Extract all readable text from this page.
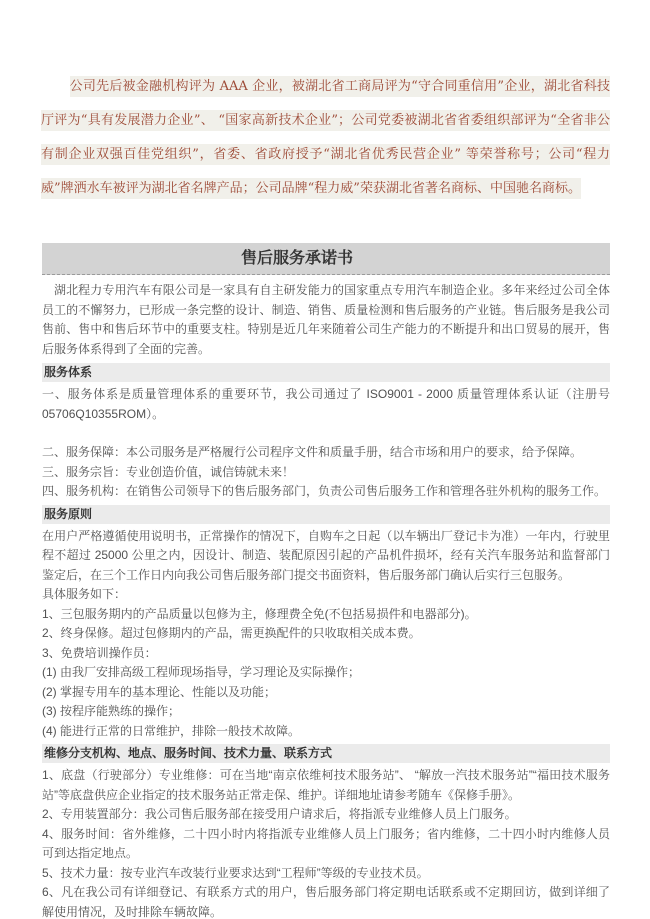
公司先后被金融机构评为 AAA 企业，被湖北省工商局评为“守合同重信用”企业，湖北省科技厅评为“具有发展潜力企业”、 “国家高新技术企业”；公司党委被湖北省省委组织部评为“全省非公有制企业双强百佳党组织”，省委、省政府授予“湖北省优秀民营企业” 等荣誉称号；公司“程力威”牌洒水车被评为湖北省名牌产品；公司品牌“程力威”荣获湖北省著名商标、中国驰名商标。

售后服务承诺书

湖北程力专用汽车有限公司是一家具有自主研发能力的国家重点专用汽车制造企业。多年来经过公司全体员工的不懈努力，已形成一条完整的设计、制造、销售、质量检测和售后服务的产业链。售后服务是我公司售前、售中和售后环节中的重要支柱。特别是近几年来随着公司生产能力的不断提升和出口贸易的展开，售后服务体系得到了全面的完善。

服务体系

一、服务体系是质量管理体系的重要环节，我公司通过了 ISO9001 - 2000 质量管理体系认证（注册号 05706Q10355ROM）。

二、服务保障：本公司服务是严格履行公司程序文件和质量手册，结合市场和用户的要求，给予保障。

三、服务宗旨：专业创造价值，诚信铸就未来！

四、服务机构：在销售公司领导下的售后服务部门，负责公司售后服务工作和管理各驻外机构的服务工作。

服务原则

在用户严格遵循使用说明书，正常操作的情况下，自购车之日起（以车辆出厂登记卡为准）一年内，行驶里程不超过 25000 公里之内，因设计、制造、装配原因引起的产品机件损坏，经有关汽车服务站和监督部门鉴定后，在三个工作日内向我公司售后服务部门提交书面资料，售后服务部门确认后实行三包服务。

具体服务如下：

1、三包服务期内的产品质量以包修为主，修理费全免(不包括易损件和电器部分)。

2、终身保修。超过包修期内的产品，需更换配件的只收取相关成本费。

3、免费培训操作员：

(1) 由我厂安排高级工程师现场指导，学习理论及实际操作；

(2) 掌握专用车的基本理论、性能以及功能；

(3) 按程序能熟练的操作；

(4) 能进行正常的日常维护，排除一般技术故障。

维修分支机构、地点、服务时间、技术力量、联系方式

1、底盘（行驶部分）专业维修：可在当地“南京依维柯技术服务站”、 “解放一汽技术服务站”“福田技术服务站”等底盘供应企业指定的技术服务站正常走保、维护。详细地址请参考随车《保修手册》。

2、专用装置部分：我公司售后服务部在接受用户请求后，将指派专业维修人员上门服务。

4、服务时间：省外维修，二十四小时内将指派专业维修人员上门服务；省内维修，二十四小时内维修人员可到达指定地点。

5、技术力量：按专业汽车改装行业要求达到“工程师”等级的专业技术员。

6、凡在我公司有详细登记、有联系方式的用户，售后服务部门将定期电话联系或不定期回访，做到详细了解使用情况，及时排除车辆故障。
